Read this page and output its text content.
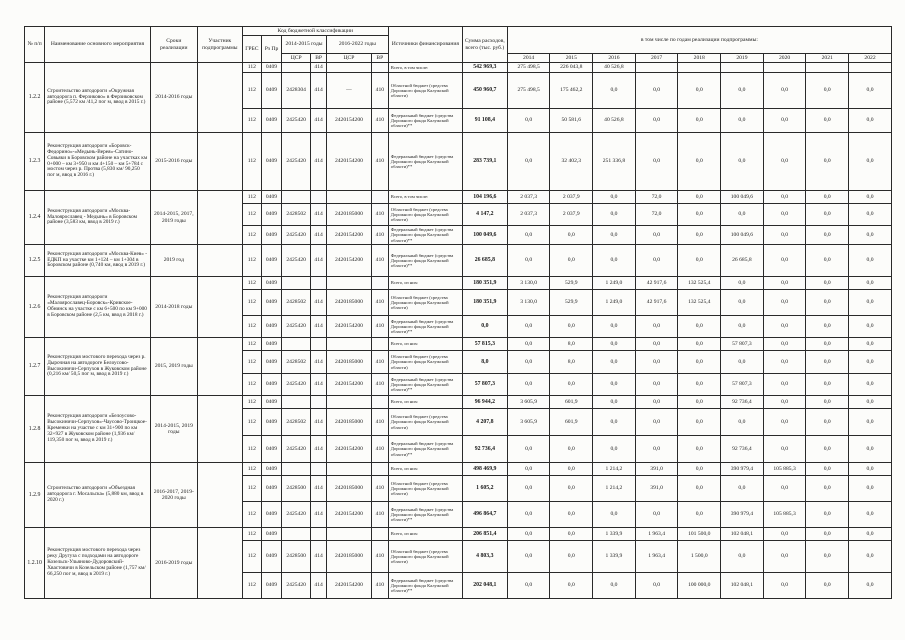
№ п/п	Наименование основного мероприятия	Сроки реализации	Участник подпрограммы	Код бюджетной классификации						Источники финансирования	Сумма расходов, всего (тыс. руб.)	в том числе по годам реализации подпрограммы:								
				ГРБС	Рз Пр	2014-2015 годы		2016-2022 годы												

						ЦСР	ВР	ЦСР	ВР			2014	2015	2016	2017	2018	2019	2020	2021	2022
1.2.2	Строительство автодороги «Окружная автодорога п. Ферзиково» в Ферзиковском районе (5,572 км /41,2 пог м, ввод в 2015 г.)	2014-2016 годы		112	0409		414			Всего, в том числе:	542 969,3	275 498,5	226 043,8	40 526,8						
				112	0409	2428304	414	—	410	Областной бюджет (средства Дорожного фонда Калужской области)	450 960,7	275 498,5	175 462,2	0,0	0,0	0,0	0,0	0,0	0,0	0,0
				112	0409	2425420	414	2420154200	410	Федеральный бюджет (средства Дорожного фонда Калужской области)**	91 108,4	0,0	50 581,6	40 526,8	0,0	0,0	0,0	0,0	0,0	0,0
1.2.3	Реконструкция автодороги «Боровск-Федорино»-«Медынь-Верея»-Сатино-Совьяки в Боровском районе на участках км 0+000 – км 3+950 и км 4+150 – км 5+784 с мостом через р. Протва (5,830 км/ 90,250 пог м, ввод в 2016 г.)	2015-2016 годы		112	0409	2425420	414	2420154200	410	Федеральный бюджет (средства Дорожного фонда Калужской области)**	283 739,1	0,0	32 402,3	251 336,8	0,0	0,0	0,0	0,0	0,0	0,0
1.2.4	Реконструкция автодороги «Москва-Малоярославец - Медынь» в Боровском районе (3,583 км, ввод в 2019 г.)	2014-2015, 2017, 2019 годы		112	0409					Всего, в том числе:	104 196,6	2 037,3	2 037,9	0,0	72,0	0,0	100 049,6	0,0	0,0	0,0
				112	0409	2428502	414	2420185000	410	Областной бюджет (средства Дорожного фонда Калужской области)	4 147,2	2 037,3	2 037,9	0,0	72,0	0,0	0,0	0,0	0,0	0,0
				112	0409	2425420	414	2420154200	410	Федеральный бюджет (средства Дорожного фонда Калужской области)**	100 049,6	0,0	0,0	0,0	0,0	0,0	100 049,6	0,0	0,0	0,0
1.2.5	Реконструкция автодороги «Москва-Киев» - ЕДКП на участке км 1+124 – км 1+304 в Боровском районе (0,740 км, ввод в 2019 г.)	2019 год		112	0409	2425420	414	2420154200	410	Федеральный бюджет (средства Дорожного фонда Калужской области)**	26 685,8	0,0	0,0	0,0	0,0	0,0	26 685,8	0,0	0,0	0,0
1.2.6	Реконструкция автодороги «Малоярославец-Боровск»-Кривское-Обнинск на участке с км 6+500 по км 9+000 в Боровском районе (2,5 км, ввод в 2018 г.)	2014-2018 годы		112	0409					Всего, из них:	180 351,9	3 130,0	529,9	1 249,0	42 917,6	132 525,4	0,0	0,0	0,0	0,0
				112	0409	2428502	414	2420185000	410	Областной бюджет (средства Дорожного фонда Калужской области)	180 351,9	3 130,0	529,9	1 249,0	42 917,6	132 525,4	0,0	0,0	0,0	0,0
				112	0409	2425420	414	2420154200	410	Федеральный бюджет (средства Дорожного фонда Калужской области)**	0,0	0,0	0,0	0,0	0,0	0,0	0,0	0,0	0,0	0,0
1.2.7	Реконструкция мостового перехода через р. Дырочная на автодороге Белоусово-Высокиничи-Серпухов в Жуковском районе (0,216 км/ 50,5 пог м, ввод в 2019 г.)	2015, 2019 годы		112	0409					Всего, из них:	57 815,3	0,0	8,0	0,0	0,0	0,0	57 807,3	0,0	0,0	0,0
				112	0409	2428502	414	2420185000	410	Областной бюджет (средства Дорожного фонда Калужской области)	8,0	0,0	8,0	0,0	0,0	0,0	0,0	0,0	0,0	0,0
				112	0409	2425420	414	2420154200	410	Федеральный бюджет (средства Дорожного фонда Калужской области)**	57 807,3	0,0	0,0	0,0	0,0	0,0	57 807,3	0,0	0,0	0,0
1.2.8	Реконструкция автодороги «Белоусово-Высокиничи-Серпухов»-Чаусово-Троицкое-Кременки на участке с км 31+900 по км 32+927 в Жуковском районе (1,936 км/ 119,350 пог м, ввод в 2019 г.)	2014-2015, 2019 годы		112	0409					Всего, из них:	96 944,2	3 605,9	601,9	0,0	0,0	0,0	92 736,4	0,0	0,0	0,0
				112	0409	2428502	414	2420185000	410	Областной бюджет (средства Дорожного фонда Калужской области)	4 207,8	3 605,9	601,9	0,0	0,0	0,0	0,0	0,0	0,0	0,0
				112	0409	2425420	414	2420154200	410	Федеральный бюджет (средства Дорожного фонда Калужской области)**	92 736,4	0,0	0,0	0,0	0,0	0,0	92 736,4	0,0	0,0	0,0
1.2.9	Строительство автодороги «Объездная автодорога г. Мосальска» (5,880 км, ввод в 2020 г.)	2016-2017, 2019-2020 годы		112	0409					Всего, из них:	498 469,9	0,0	0,0	1 214,2	391,0	0,0	390 979,4	105 885,3	0,0	0,0
				112	0409	2428500	414	2420185000	410	Областной бюджет (средства Дорожного фонда Калужской области)	1 605,2	0,0	0,0	1 214,2	391,0	0,0	0,0	0,0	0,0	0,0
				112	0409	2425420	414	2420154200	410	Федеральный бюджет (средства Дорожного фонда Калужской области)**	496 864,7	0,0	0,0	0,0	0,0	0,0	390 979,4	105 885,3	0,0	0,0
1.2.10	Реконструкция мостового перехода через реку Другуза с подходами на автодороге Козельск-Ульяново-Дудоровский-Хвастовичи в Козельском районе (1,757 км/ 66,250 пог м, ввод в 2019 г.)	2016-2019 годы		112	0409					Всего, из них:	206 851,4	0,0	0,0	1 339,9	1 963,4	101 500,0	102 048,1	0,0	0,0	0,0
				112	0409	2428500	414	2420185000	410	Областной бюджет (средства Дорожного фонда Калужской области)	4 803,3	0,0	0,0	1 339,9	1 963,4	1 500,0	0,0	0,0	0,0	0,0
				112	0409	2425420	414	2420154200	410	Федеральный бюджет (средства Дорожного фонда Калужской области)**	202 048,1	0,0	0,0	0,0	0,0	100 000,0	102 048,1	0,0	0,0	0,0
